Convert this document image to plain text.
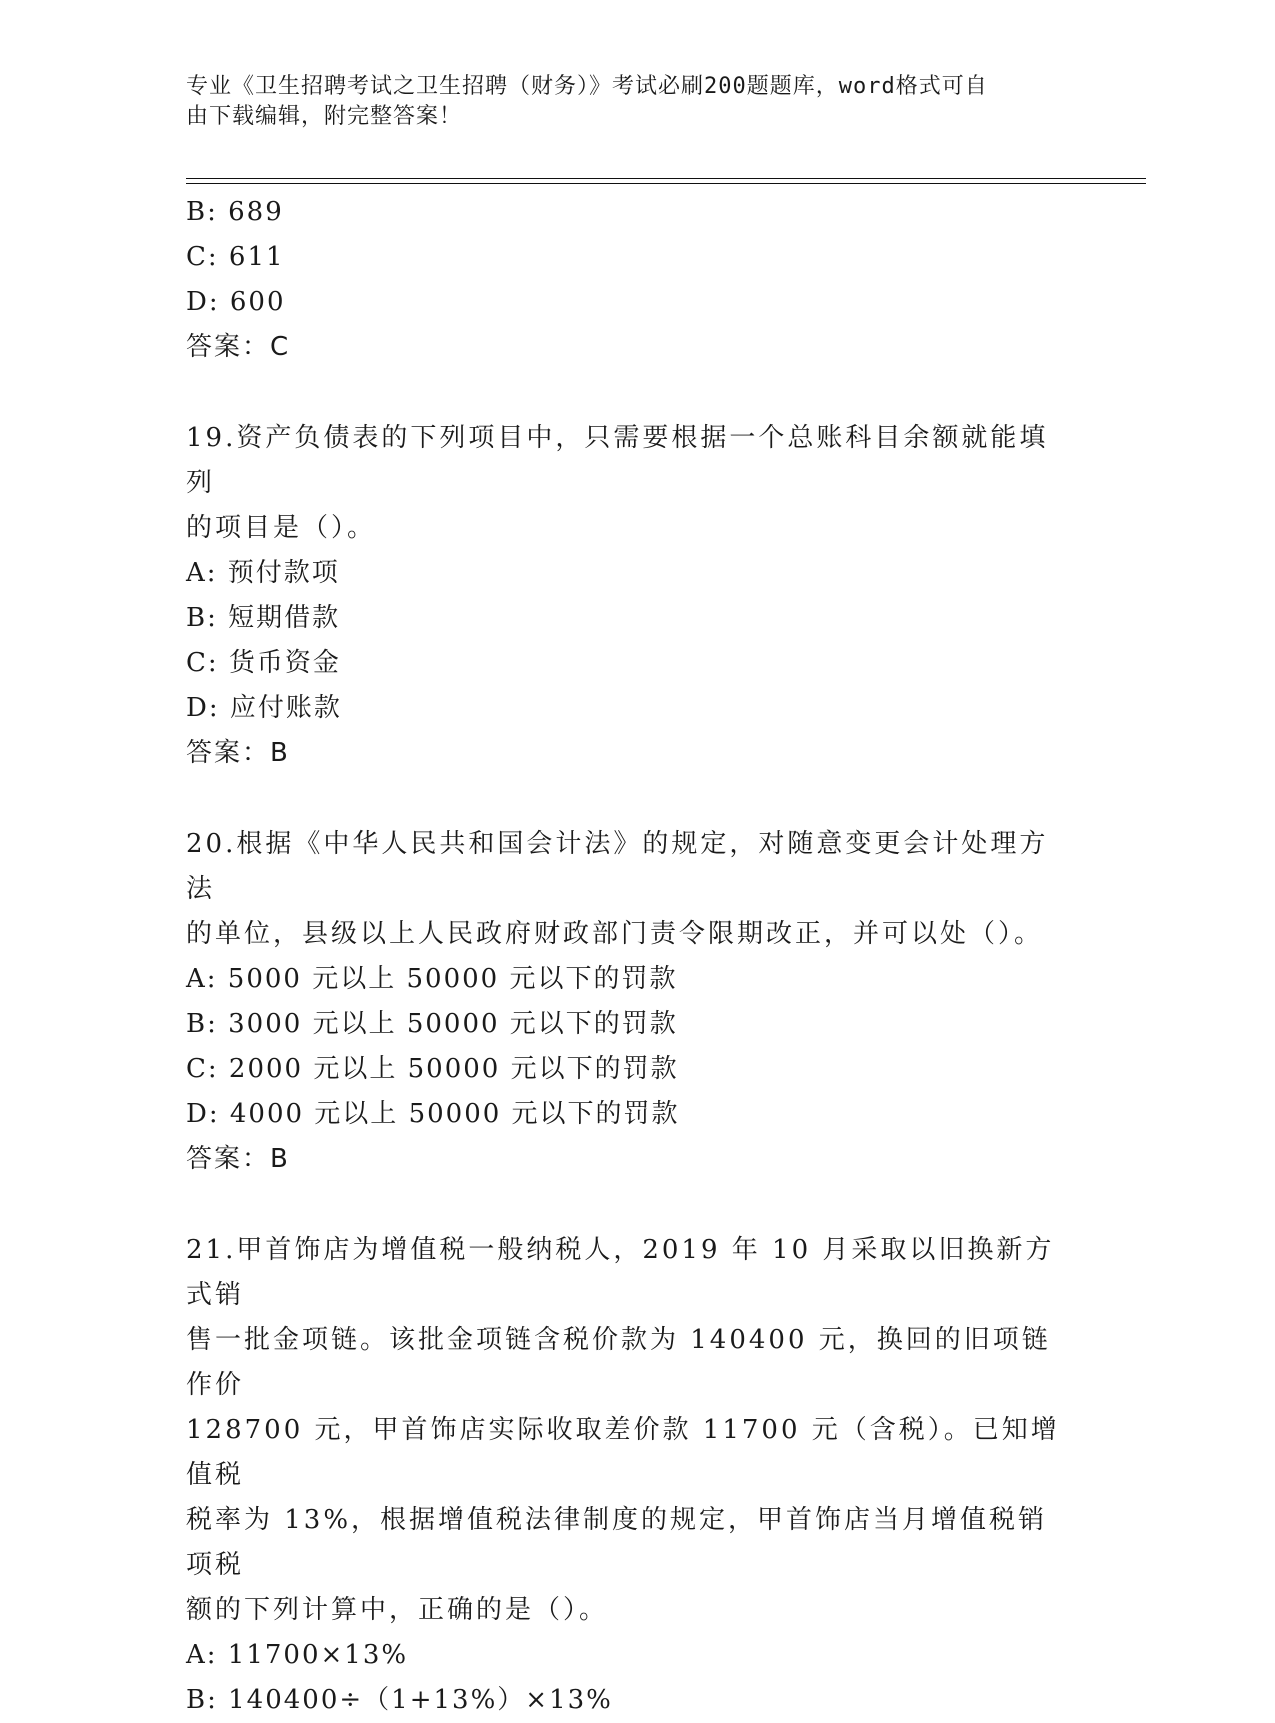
专业《卫生招聘考试之卫生招聘（财务）》考试必刷200题题库，word格式可自
由下载编辑，附完整答案！
B: 689
C: 611
D: 600
答案：C
19.资产负债表的下列项目中，只需要根据一个总账科目余额就能填列
的项目是（）。
A: 预付款项
B: 短期借款
C: 货币资金
D: 应付账款
答案：B
20.根据《中华人民共和国会计法》的规定，对随意变更会计处理方法
的单位，县级以上人民政府财政部门责令限期改正，并可以处（）。
A: 5000 元以上 50000 元以下的罚款
B: 3000 元以上 50000 元以下的罚款
C: 2000 元以上 50000 元以下的罚款
D: 4000 元以上 50000 元以下的罚款
答案：B
21.甲首饰店为增值税一般纳税人，2019 年 10 月采取以旧换新方式销
售一批金项链。该批金项链含税价款为 140400 元，换回的旧项链作价
128700 元，甲首饰店实际收取差价款 11700 元（含税）。已知增值税
税率为 13%，根据增值税法律制度的规定，甲首饰店当月增值税销项税
额的下列计算中，正确的是（）。
A: 11700×13%
B: 140400÷（1+13%）×13%
